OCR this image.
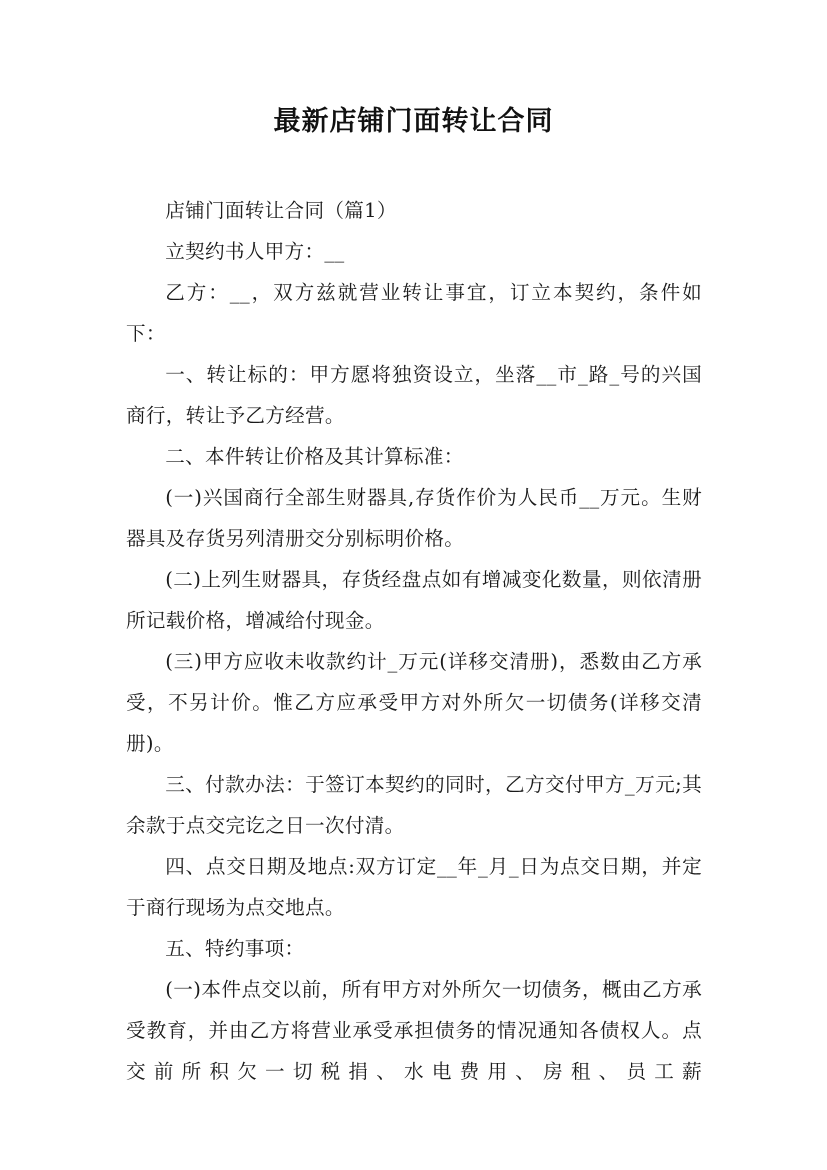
最新店铺门面转让合同

店铺门面转让合同（篇1）

立契约书人甲方：__

乙方：__，双方兹就营业转让事宜，订立本契约，条件如下：

一、转让标的：甲方愿将独资设立，坐落__市_路_号的兴国商行，转让予乙方经营。

二、本件转让价格及其计算标准：

(一)兴国商行全部生财器具,存货作价为人民币__万元。生财器具及存货另列清册交分别标明价格。

(二)上列生财器具，存货经盘点如有增减变化数量，则依清册所记载价格，增减给付现金。

(三)甲方应收未收款约计_万元(详移交清册)，悉数由乙方承受，不另计价。惟乙方应承受甲方对外所欠一切债务(详移交清册)。

三、付款办法：于签订本契约的同时，乙方交付甲方_万元;其余款于点交完讫之日一次付清。

四、点交日期及地点:双方订定__年_月_日为点交日期，并定于商行现场为点交地点。

五、特约事项：

(一)本件点交以前，所有甲方对外所欠一切债务，概由乙方承受教育，并由乙方将营业承受承担债务的情况通知各债权人。点交前所积欠一切税捐、水电费用、房租、员工薪
